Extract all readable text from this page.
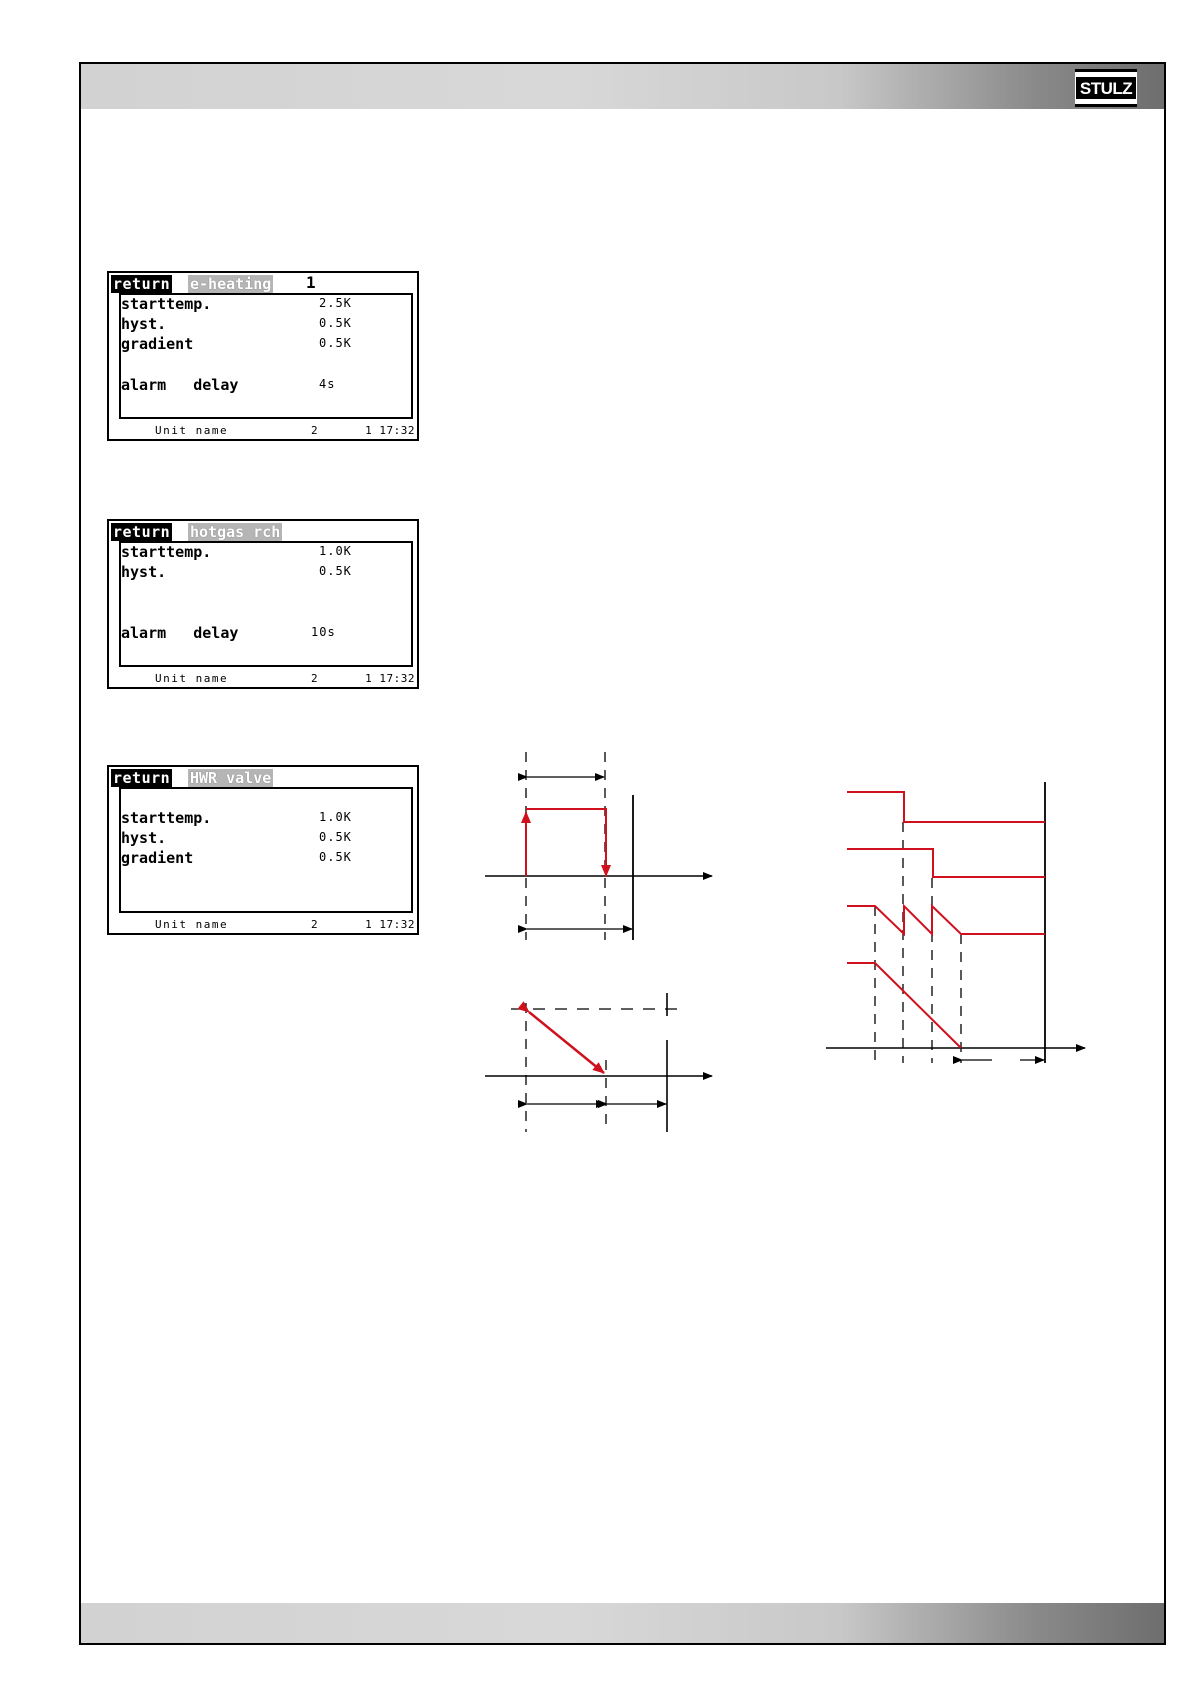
STULZ
return e-heating 1
starttemp.	2.5K
hyst.	0.5K
gradient	0.5K
alarm   delay	4s
Unit name	2	1 17:32
return hotgas rch
starttemp.	1.0K
hyst.	0.5K
alarm   delay	10s
Unit name	2	1 17:32
return HWR valve
starttemp.	1.0K
hyst.	0.5K
gradient	0.5K
Unit name	2	1 17:32
